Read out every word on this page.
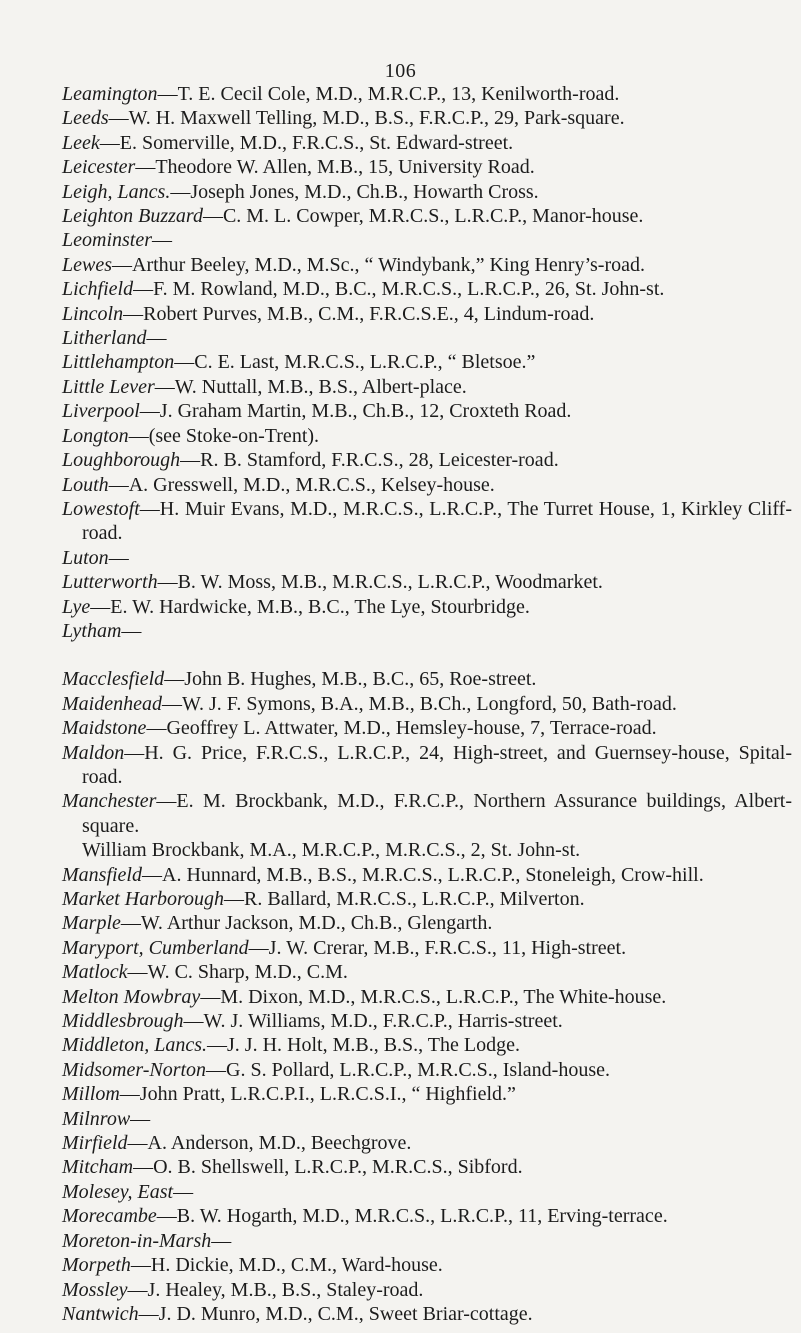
106
Leamington—T. E. Cecil Cole, M.D., M.R.C.P., 13, Kenilworth-road.
Leeds—W. H. Maxwell Telling, M.D., B.S., F.R.C.P., 29, Park-square.
Leek—E. Somerville, M.D., F.R.C.S., St. Edward-street.
Leicester—Theodore W. Allen, M.B., 15, University Road.
Leigh, Lancs.—Joseph Jones, M.D., Ch.B., Howarth Cross.
Leighton Buzzard—C. M. L. Cowper, M.R.C.S., L.R.C.P., Manor-house.
Leominster—
Lewes—Arthur Beeley, M.D., M.Sc., “ Windybank,” King Henry’s-road.
Lichfield—F. M. Rowland, M.D., B.C., M.R.C.S., L.R.C.P., 26, St. John-st.
Lincoln—Robert Purves, M.B., C.M., F.R.C.S.E., 4, Lindum-road.
Litherland—
Littlehampton—C. E. Last, M.R.C.S., L.R.C.P., “ Bletsoe.”
Little Lever—W. Nuttall, M.B., B.S., Albert-place.
Liverpool—J. Graham Martin, M.B., Ch.B., 12, Croxteth Road.
Longton—(see Stoke-on-Trent).
Loughborough—R. B. Stamford, F.R.C.S., 28, Leicester-road.
Louth—A. Gresswell, M.D., M.R.C.S., Kelsey-house.
Lowestoft—H. Muir Evans, M.D., M.R.C.S., L.R.C.P., The Turret House, 1, Kirkley Cliff-road.
Luton—
Lutterworth—B. W. Moss, M.B., M.R.C.S., L.R.C.P., Woodmarket.
Lye—E. W. Hardwicke, M.B., B.C., The Lye, Stourbridge.
Lytham—
Macclesfield—John B. Hughes, M.B., B.C., 65, Roe-street.
Maidenhead—W. J. F. Symons, B.A., M.B., B.Ch., Longford, 50, Bath-road.
Maidstone—Geoffrey L. Attwater, M.D., Hemsley-house, 7, Terrace-road.
Maldon—H. G. Price, F.R.C.S., L.R.C.P., 24, High-street, and Guernsey-house, Spital-road.
Manchester—E. M. Brockbank, M.D., F.R.C.P., Northern Assurance buildings, Albert-square.
William Brockbank, M.A., M.R.C.P., M.R.C.S., 2, St. John-st.
Mansfield—A. Hunnard, M.B., B.S., M.R.C.S., L.R.C.P., Stoneleigh, Crow-hill.
Market Harborough—R. Ballard, M.R.C.S., L.R.C.P., Milverton.
Marple—W. Arthur Jackson, M.D., Ch.B., Glengarth.
Maryport, Cumberland—J. W. Crerar, M.B., F.R.C.S., 11, High-street.
Matlock—W. C. Sharp, M.D., C.M.
Melton Mowbray—M. Dixon, M.D., M.R.C.S., L.R.C.P., The White-house.
Middlesbrough—W. J. Williams, M.D., F.R.C.P., Harris-street.
Middleton, Lancs.—J. J. H. Holt, M.B., B.S., The Lodge.
Midsomer-Norton—G. S. Pollard, L.R.C.P., M.R.C.S., Island-house.
Millom—John Pratt, L.R.C.P.I., L.R.C.S.I., “ Highfield.”
Milnrow—
Mirfield—A. Anderson, M.D., Beechgrove.
Mitcham—O. B. Shellswell, L.R.C.P., M.R.C.S., Sibford.
Molesey, East—
Morecambe—B. W. Hogarth, M.D., M.R.C.S., L.R.C.P., 11, Erving-terrace.
Moreton-in-Marsh—
Morpeth—H. Dickie, M.D., C.M., Ward-house.
Mossley—J. Healey, M.B., B.S., Staley-road.
Nantwich—J. D. Munro, M.D., C.M., Sweet Briar-cottage.
